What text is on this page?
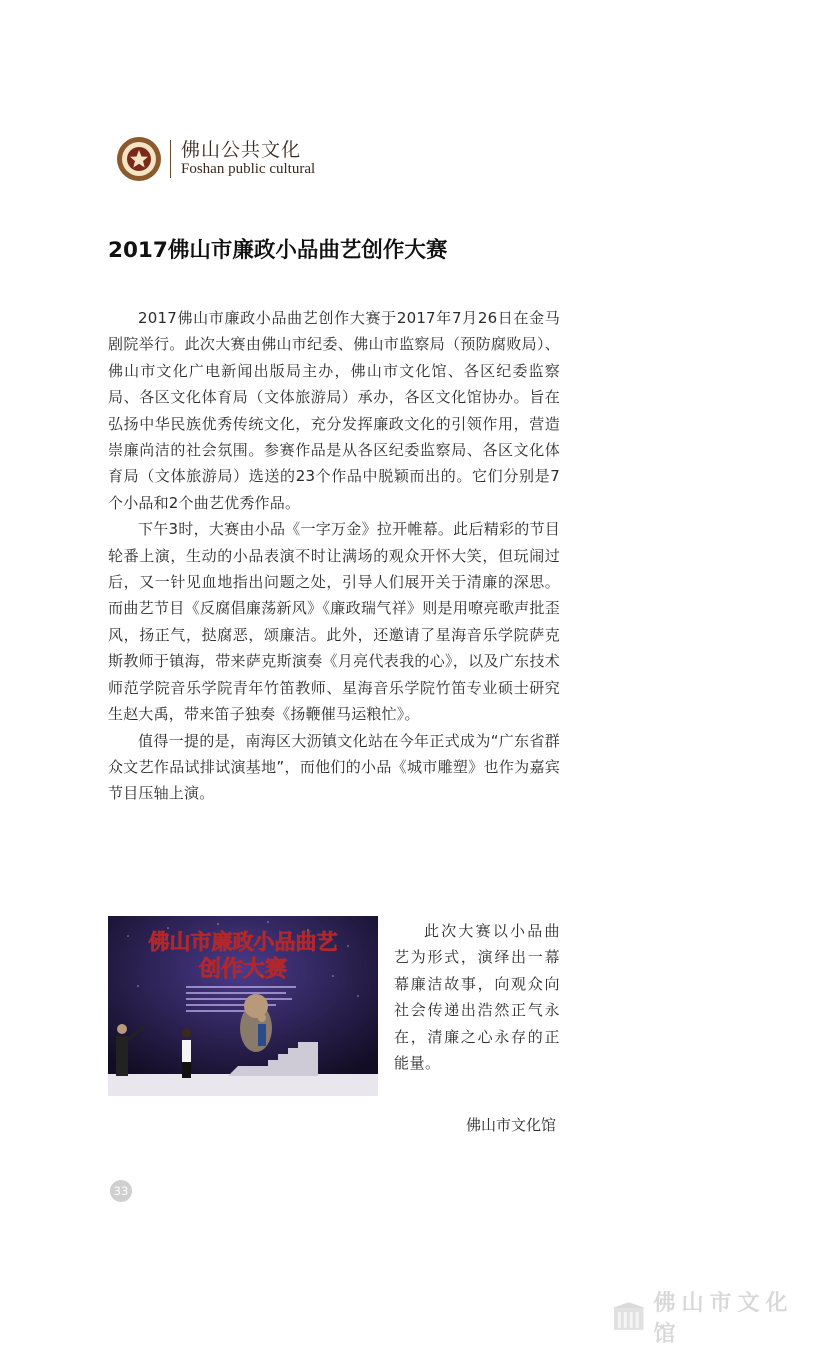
佛山公共文化
Foshan public cultural
2017佛山市廉政小品曲艺创作大赛

2017佛山市廉政小品曲艺创作大赛于2017年7月26日在金马剧院举行。此次大赛由佛山市纪委、佛山市监察局（预防腐败局）、佛山市文化广电新闻出版局主办，佛山市文化馆、各区纪委监察局、各区文化体育局（文体旅游局）承办，各区文化馆协办。旨在弘扬中华民族优秀传统文化，充分发挥廉政文化的引领作用，营造崇廉尚洁的社会氛围。参赛作品是从各区纪委监察局、各区文化体育局（文体旅游局）选送的23个作品中脱颖而出的。它们分别是7个小品和2个曲艺优秀作品。

下午3时，大赛由小品《一字万金》拉开帷幕。此后精彩的节目轮番上演，生动的小品表演不时让满场的观众开怀大笑，但玩闹过后，又一针见血地指出问题之处，引导人们展开关于清廉的深思。而曲艺节目《反腐倡廉荡新风》《廉政瑞气祥》则是用嘹亮歌声批歪风，扬正气，挞腐恶，颂廉洁。此外，还邀请了星海音乐学院萨克斯教师于镇海，带来萨克斯演奏《月亮代表我的心》，以及广东技术师范学院音乐学院青年竹笛教师、星海音乐学院竹笛专业硕士研究生赵大禹，带来笛子独奏《扬鞭催马运粮忙》。

值得一提的是，南海区大沥镇文化站在今年正式成为“广东省群众文艺作品试排试演基地”，而他们的小品《城市雕塑》也作为嘉宾节目压轴上演。

佛山市廉政小品曲艺
创作大赛

此次大赛以小品曲艺为形式，演绎出一幕幕廉洁故事，向观众向社会传递出浩然正气永在，清廉之心永存的正能量。

佛山市文化馆

33
佛山市文化馆
